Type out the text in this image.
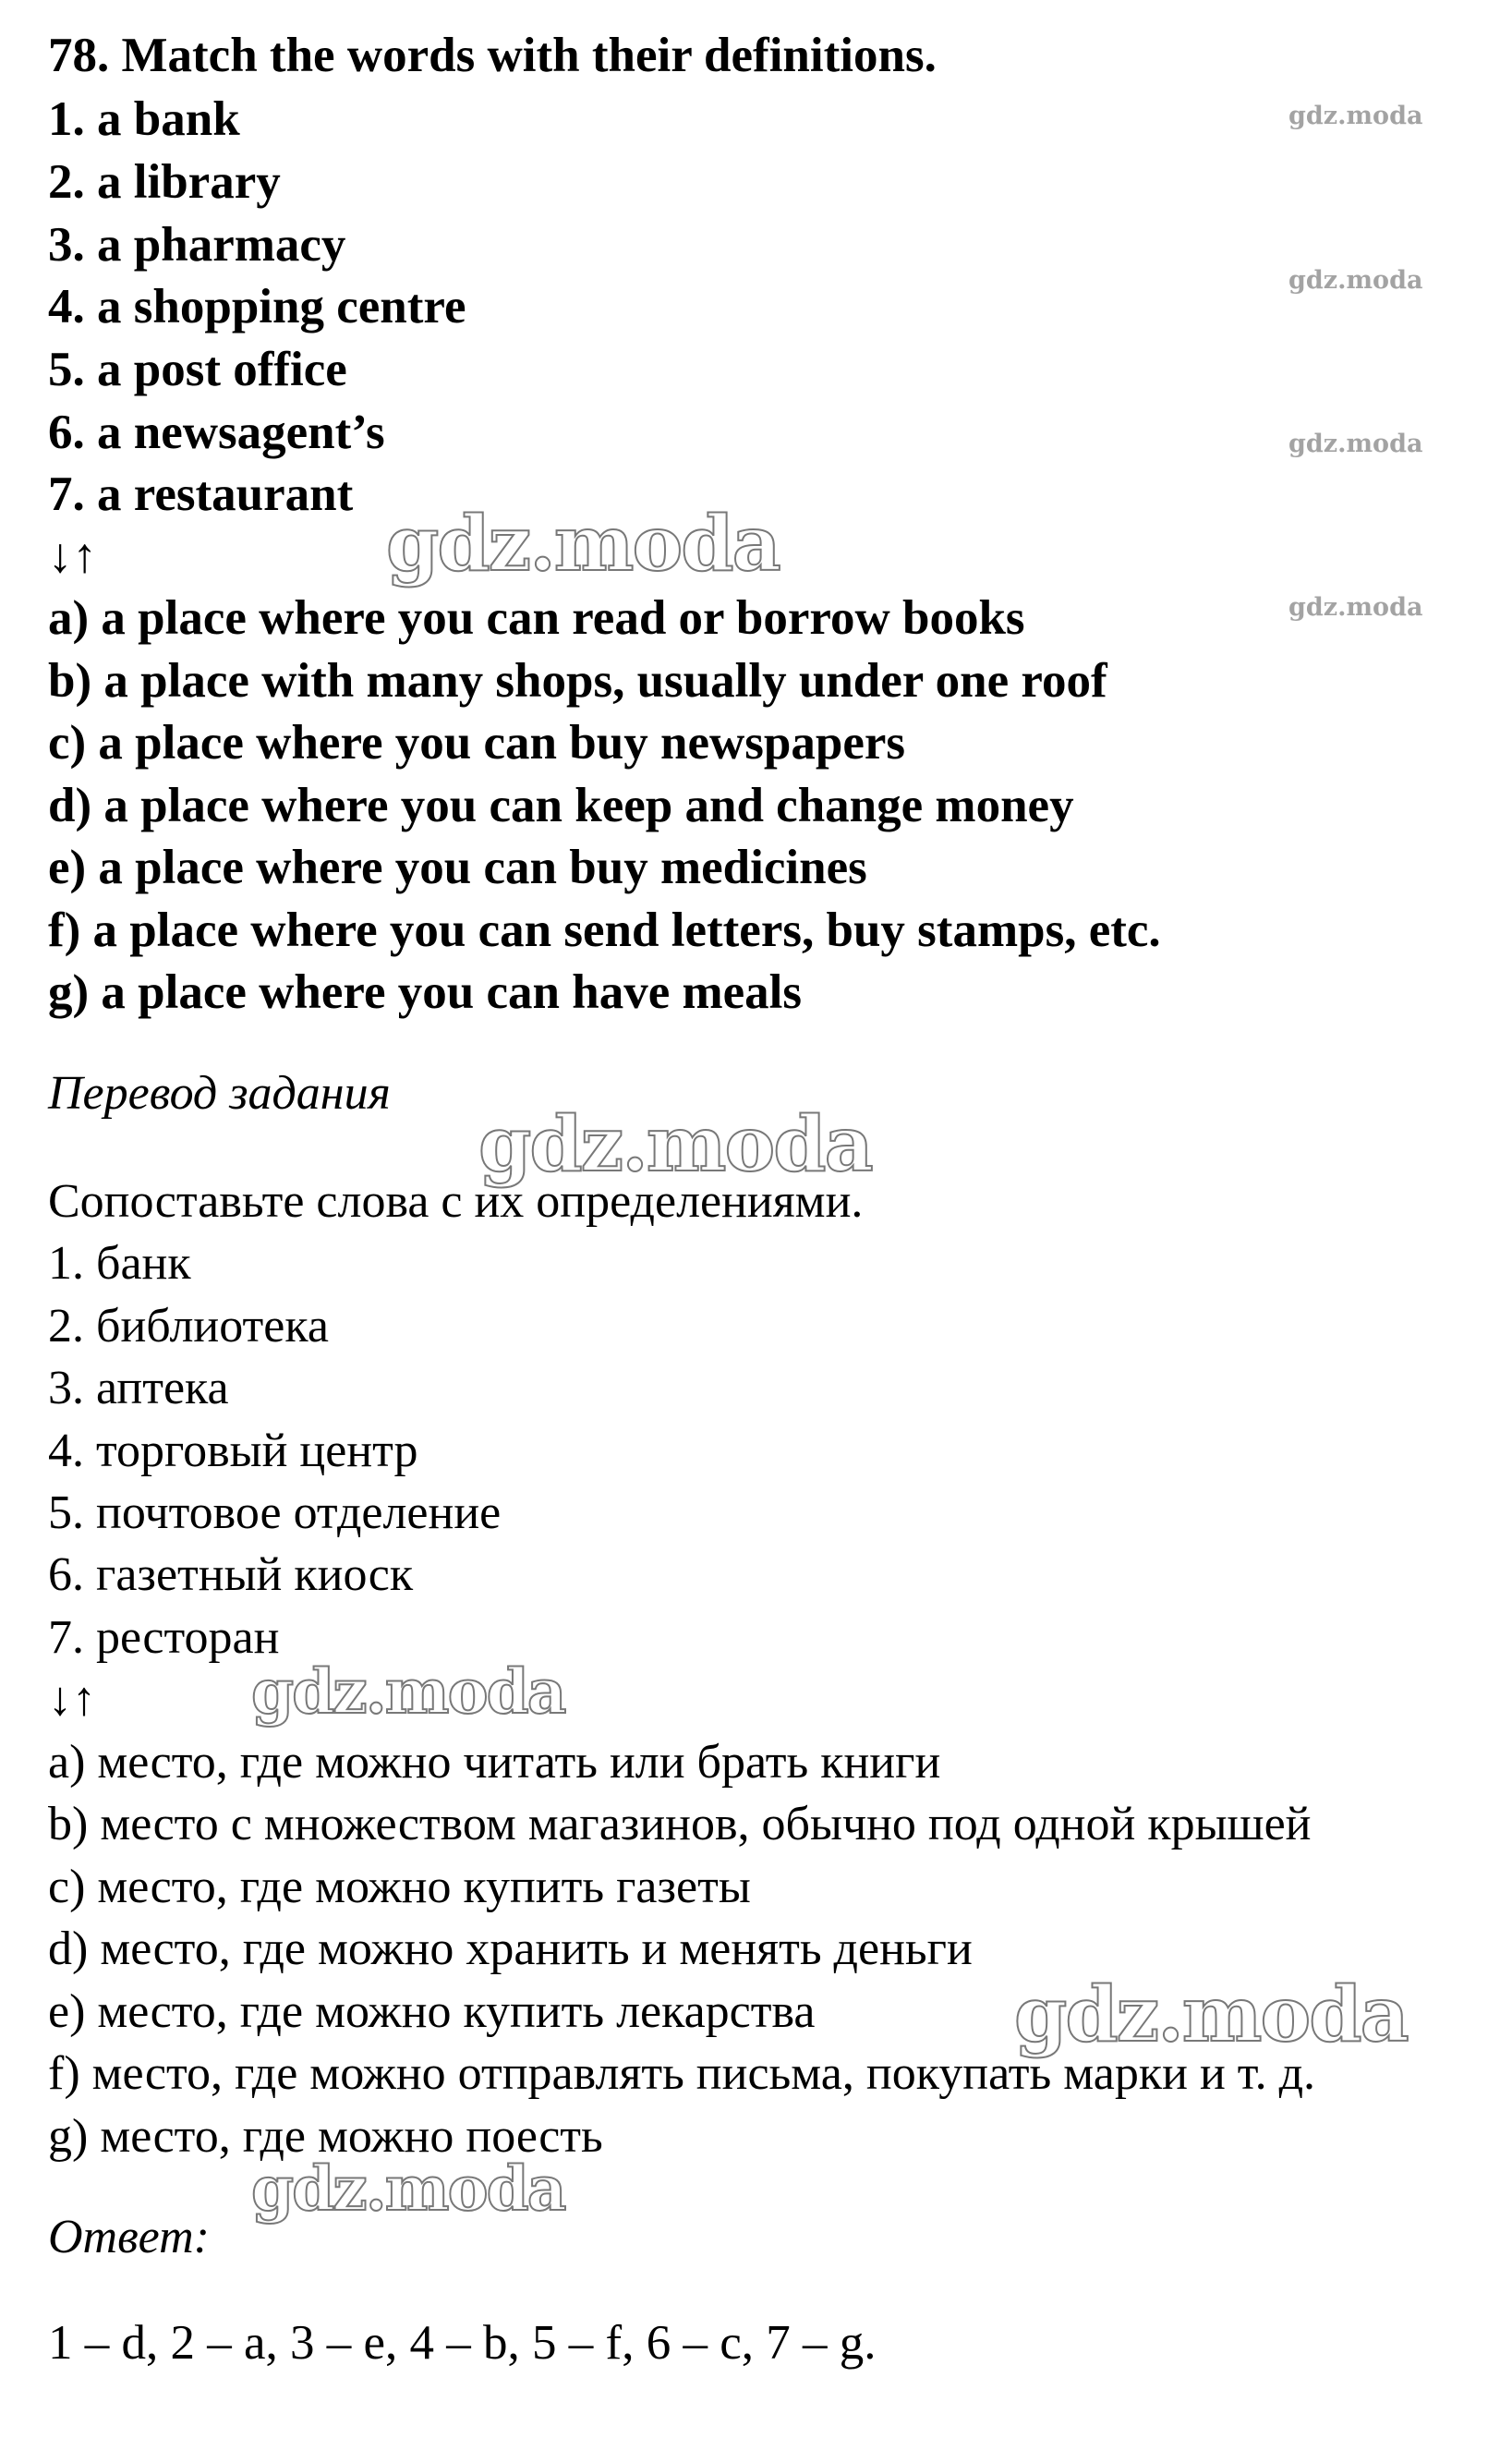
78. Match the words with their definitions.
1. a bank
2. a library
3. a pharmacy
4. a shopping centre
5. a post office
6. a newsagent’s
7. a restaurant
↓↑
a) a place where you can read or borrow books
b) a place with many shops, usually under one roof
c) a place where you can buy newspapers
d) a place where you can keep and change money
e) a place where you can buy medicines
f) a place where you can send letters, buy stamps, etc.
g) a place where you can have meals
Перевод задания
Сопоставьте слова с их определениями.
1. банк
2. библиотека
3. аптека
4. торговый центр
5. почтовое отделение
6. газетный киоск
7. ресторан
↓↑
a) место, где можно читать или брать книги
b) место с множеством магазинов, обычно под одной крышей
c) место, где можно купить газеты
d) место, где можно хранить и менять деньги
e) место, где можно купить лекарства
f) место, где можно отправлять письма, покупать марки и т. д.
g) место, где можно поесть
Ответ:
1 – d, 2 – a, 3 – e, 4 – b, 5 – f, 6 – c, 7 – g.
gdz.moda
gdz.moda
gdz.moda
gdz.moda
gdz.moda
gdz.moda
gdz.moda
gdz.moda
gdz.moda
